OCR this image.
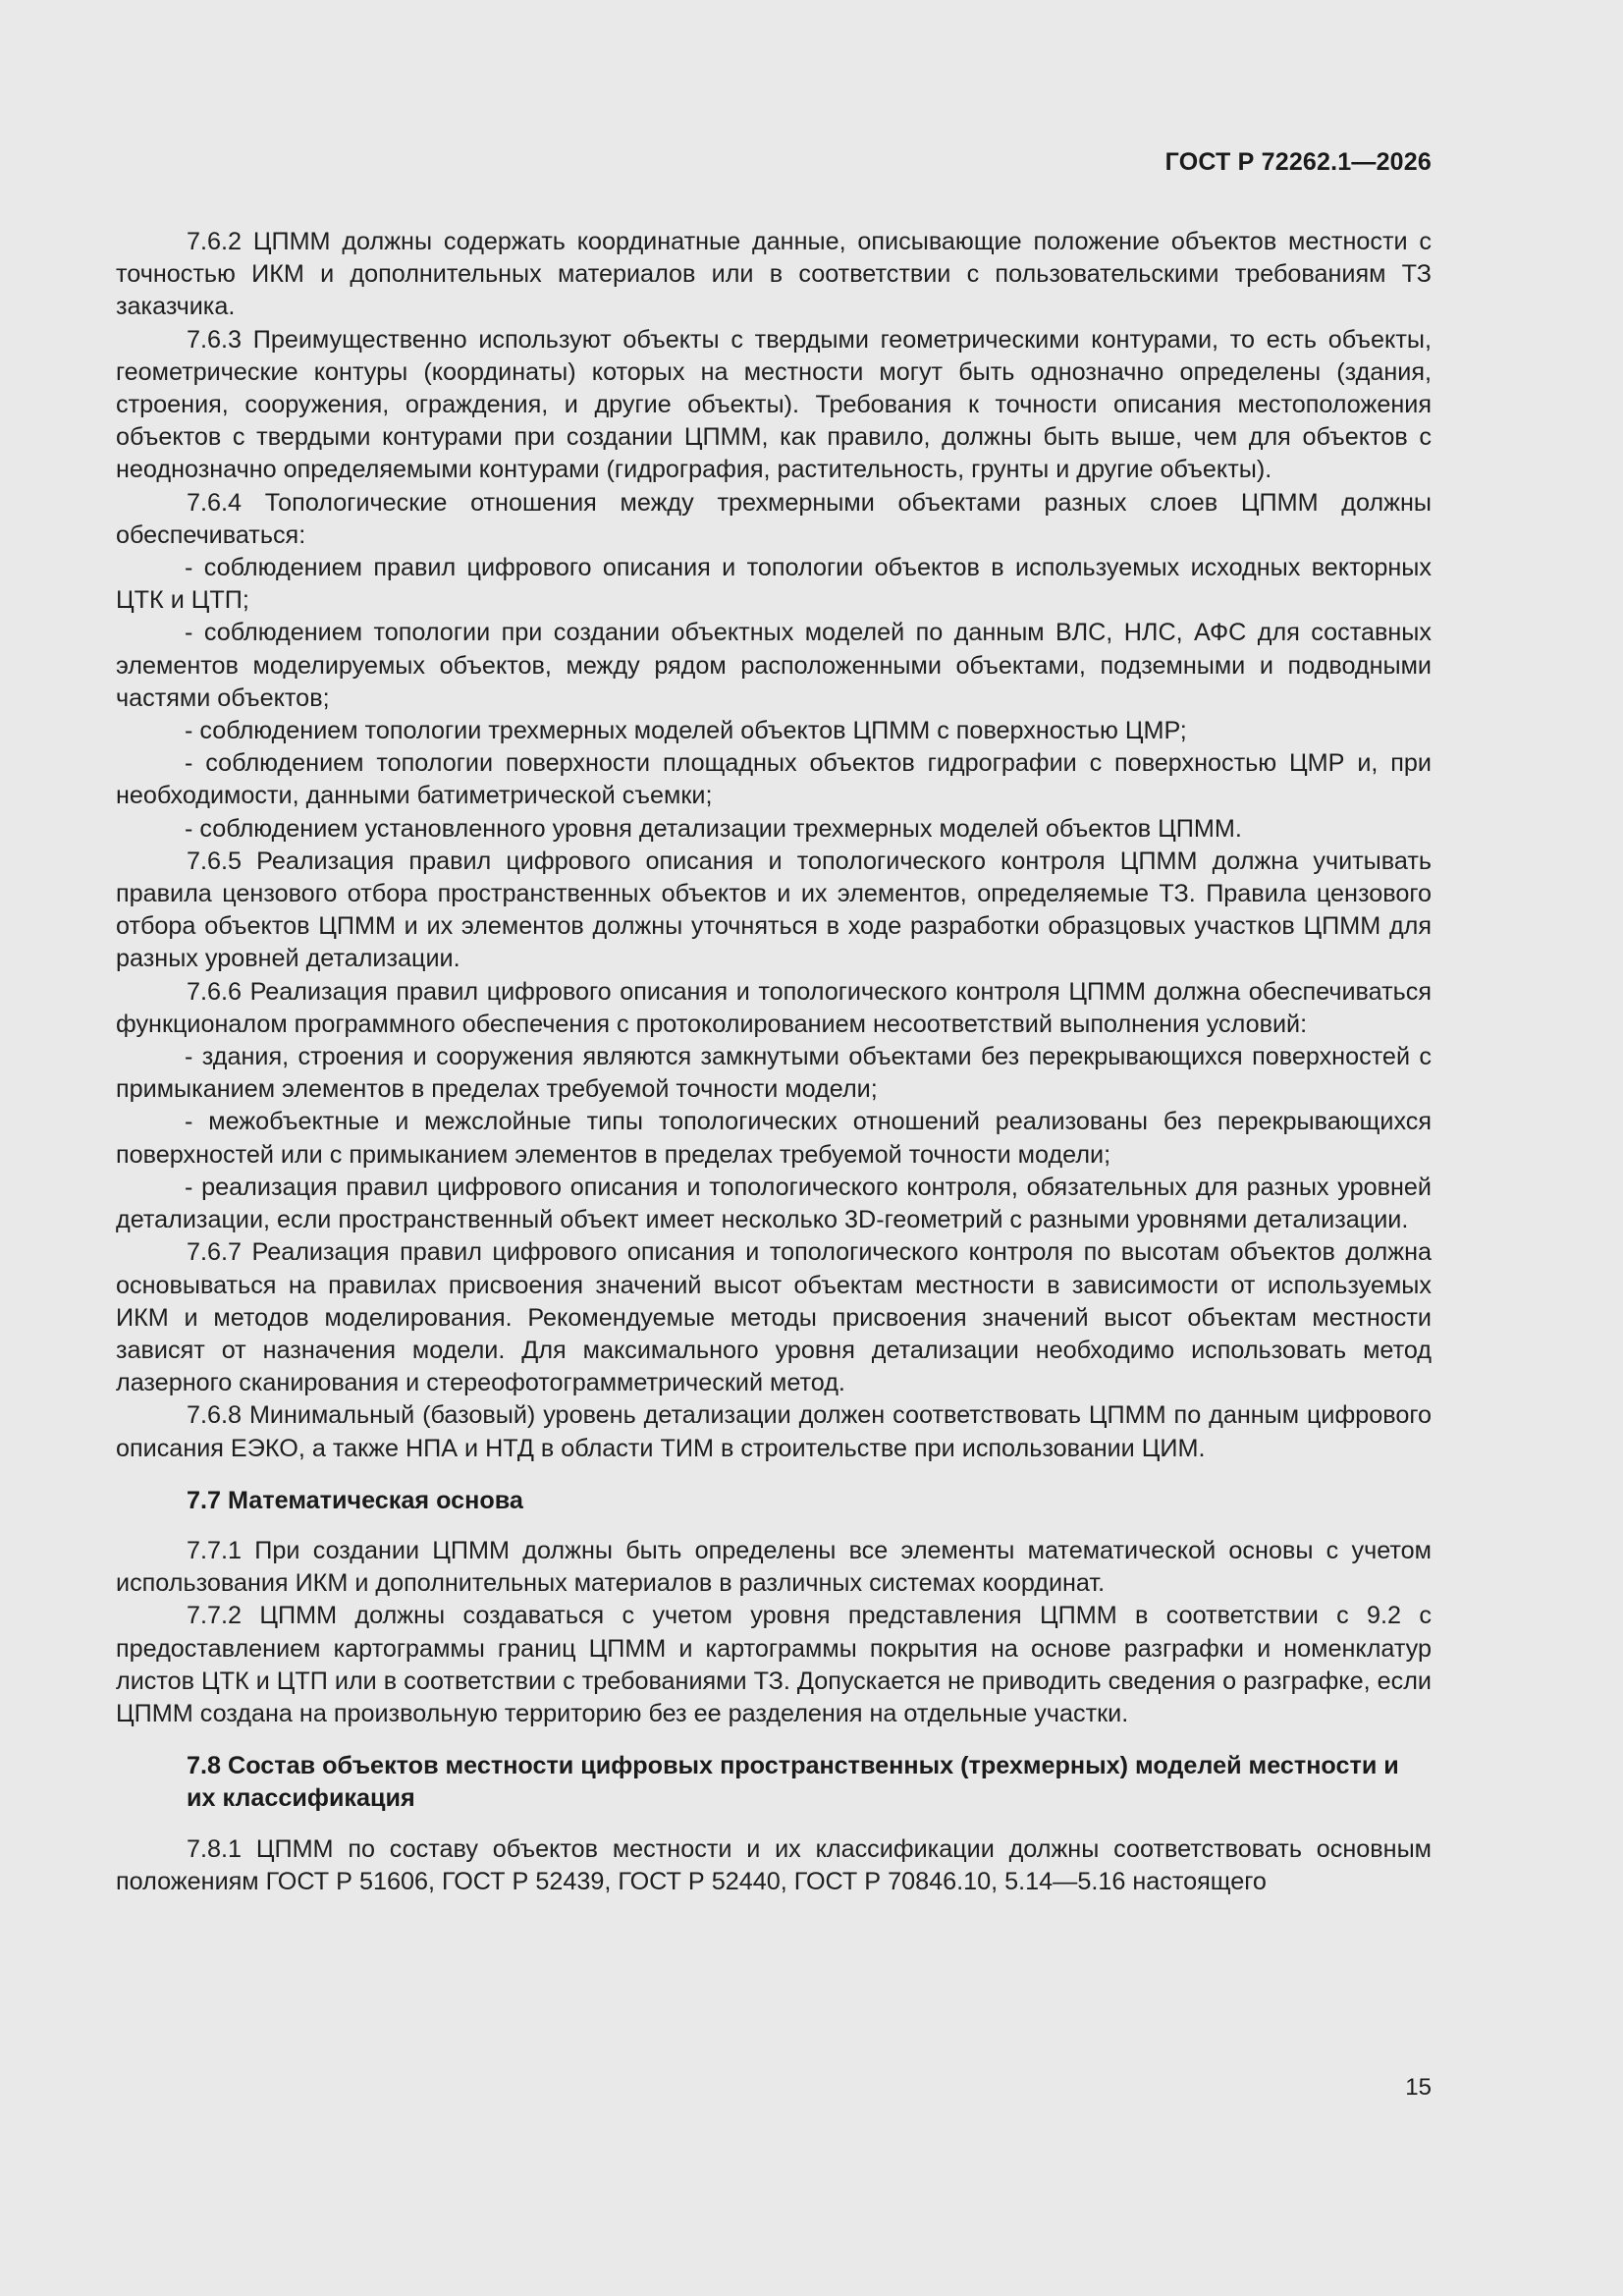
ГОСТ Р 72262.1—2026

7.6.2 ЦПММ должны содержать координатные данные, описывающие положение объектов местности с точностью ИКМ и дополнительных материалов или в соответствии с пользовательскими требованиям ТЗ заказчика.

7.6.3 Преимущественно используют объекты с твердыми геометрическими контурами, то есть объекты, геометрические контуры (координаты) которых на местности могут быть однозначно определены (здания, строения, сооружения, ограждения, и другие объекты). Требования к точности описания местоположения объектов с твердыми контурами при создании ЦПММ, как правило, должны быть выше, чем для объектов с неоднозначно определяемыми контурами (гидрография, растительность, грунты и другие объекты).

7.6.4 Топологические отношения между трехмерными объектами разных слоев ЦПММ должны обеспечиваться:

- соблюдением правил цифрового описания и топологии объектов в используемых исходных векторных ЦТК и ЦТП;

- соблюдением топологии при создании объектных моделей по данным ВЛС, НЛС, АФС для составных элементов моделируемых объектов, между рядом расположенными объектами, подземными и подводными частями объектов;

- соблюдением топологии трехмерных моделей объектов ЦПММ с поверхностью ЦМР;

- соблюдением топологии поверхности площадных объектов гидрографии с поверхностью ЦМР и, при необходимости, данными батиметрической съемки;

- соблюдением установленного уровня детализации трехмерных моделей объектов ЦПММ.

7.6.5 Реализация правил цифрового описания и топологического контроля ЦПММ должна учитывать правила цензового отбора пространственных объектов и их элементов, определяемые ТЗ. Правила цензового отбора объектов ЦПММ и их элементов должны уточняться в ходе разработки образцовых участков ЦПММ для разных уровней детализации.

7.6.6 Реализация правил цифрового описания и топологического контроля ЦПММ должна обеспечиваться функционалом программного обеспечения с протоколированием несоответствий выполнения условий:

- здания, строения и сооружения являются замкнутыми объектами без перекрывающихся поверхностей с примыканием элементов в пределах требуемой точности модели;

- межобъектные и межслойные типы топологических отношений реализованы без перекрывающихся поверхностей или с примыканием элементов в пределах требуемой точности модели;

- реализация правил цифрового описания и топологического контроля, обязательных для разных уровней детализации, если пространственный объект имеет несколько 3D-геометрий с разными уровнями детализации.

7.6.7 Реализация правил цифрового описания и топологического контроля по высотам объектов должна основываться на правилах присвоения значений высот объектам местности в зависимости от используемых ИКМ и методов моделирования. Рекомендуемые методы присвоения значений высот объектам местности зависят от назначения модели. Для максимального уровня детализации необходимо использовать метод лазерного сканирования и стереофотограмметрический метод.

7.6.8 Минимальный (базовый) уровень детализации должен соответствовать ЦПММ по данным цифрового описания ЕЭКО, а также НПА и НТД в области ТИМ в строительстве при использовании ЦИМ.

7.7 Математическая основа

7.7.1 При создании ЦПММ должны быть определены все элементы математической основы с учетом использования ИКМ и дополнительных материалов в различных системах координат.

7.7.2 ЦПММ должны создаваться с учетом уровня представления ЦПММ в соответствии с 9.2 с предоставлением картограммы границ ЦПММ и картограммы покрытия на основе разграфки и номенклатур листов ЦТК и ЦТП или в соответствии с требованиями ТЗ. Допускается не приводить сведения о разграфке, если ЦПММ создана на произвольную территорию без ее разделения на отдельные участки.

7.8 Состав объектов местности цифровых пространственных (трехмерных) моделей местности и их классификация

7.8.1 ЦПММ по составу объектов местности и их классификации должны соответствовать основным положениям ГОСТ Р 51606, ГОСТ Р 52439, ГОСТ Р 52440, ГОСТ Р 70846.10, 5.14—5.16 настоящего

15
